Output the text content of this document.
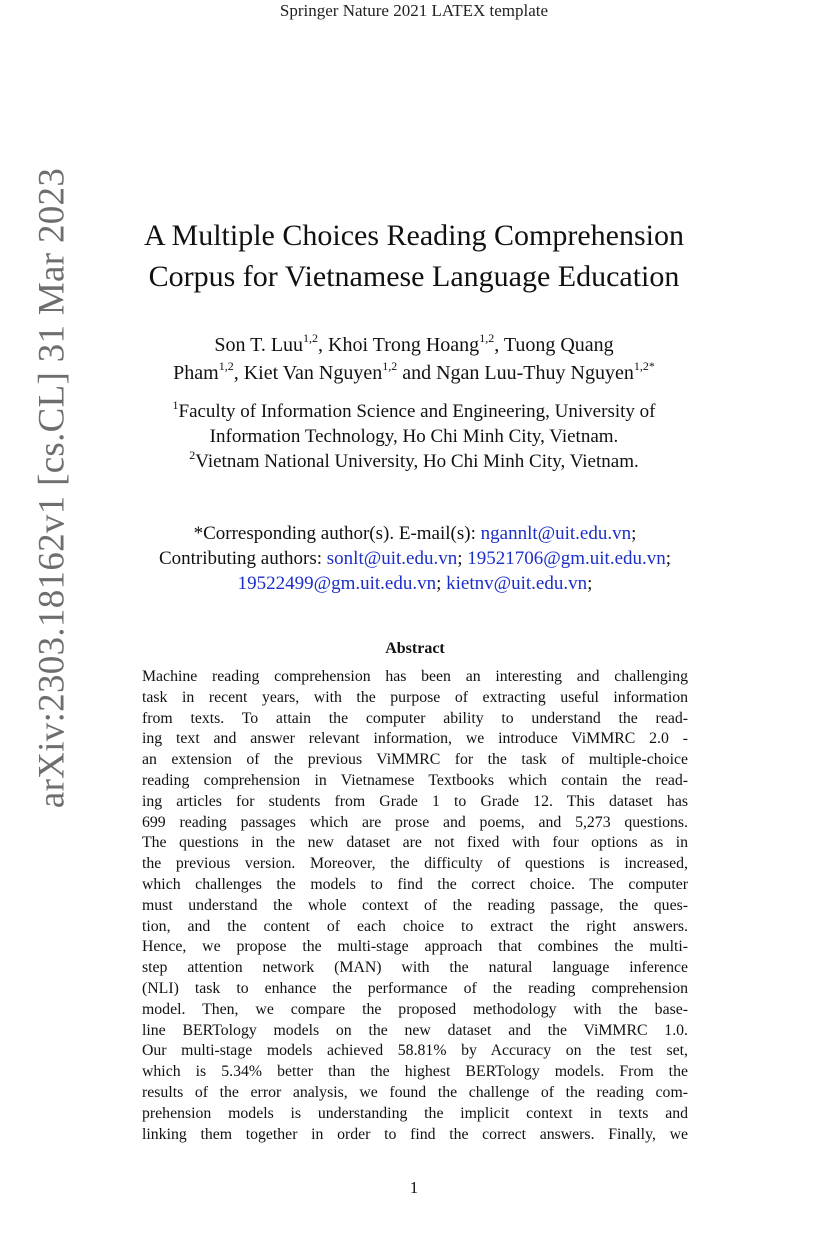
Springer Nature 2021 LATEX template
arXiv:2303.18162v1 [cs.CL] 31 Mar 2023	A Multiple Choices Reading Comprehension
Corpus for Vietnamese Language Education
Son T. Luu$^{1,2}$, Khoi Trong Hoang$^{1,2}$, Tuong Quang
Pham$^{1,2}$, Kiet Van Nguyen$^{1,2}$ and Ngan Luu-Thuy Nguyen$^{1,2*}$
$^1$Faculty of Information Science and Engineering, University of
Information Technology, Ho Chi Minh City, Vietnam.
$^2$Vietnam National University, Ho Chi Minh City, Vietnam.
*Corresponding author(s). E-mail(s): ngannlt@uit.edu.vn;
Contributing authors: sonlt@uit.edu.vn; 19521706@gm.uit.edu.vn;
19522499@gm.uit.edu.vn; kietnv@uit.edu.vn;
Abstract
Machine reading comprehension has been an interesting and challenging
task in recent years, with the purpose of extracting useful information
from texts. To attain the computer ability to understand the read-
ing text and answer relevant information, we introduce ViMMRC 2.0 -
an extension of the previous ViMMRC for the task of multiple-choice
reading comprehension in Vietnamese Textbooks which contain the read-
ing articles for students from Grade 1 to Grade 12. This dataset has
699 reading passages which are prose and poems, and 5,273 questions.
The questions in the new dataset are not fixed with four options as in
the previous version. Moreover, the difficulty of questions is increased,
which challenges the models to find the correct choice. The computer
must understand the whole context of the reading passage, the ques-
tion, and the content of each choice to extract the right answers.
Hence, we propose the multi-stage approach that combines the multi-
step attention network (MAN) with the natural language inference
(NLI) task to enhance the performance of the reading comprehension
model. Then, we compare the proposed methodology with the base-
line BERTology models on the new dataset and the ViMMRC 1.0.
Our multi-stage models achieved 58.81% by Accuracy on the test set,
which is 5.34% better than the highest BERTology models. From the
results of the error analysis, we found the challenge of the reading com-
prehension models is understanding the implicit context in texts and
linking them together in order to find the correct answers. Finally, we
1
